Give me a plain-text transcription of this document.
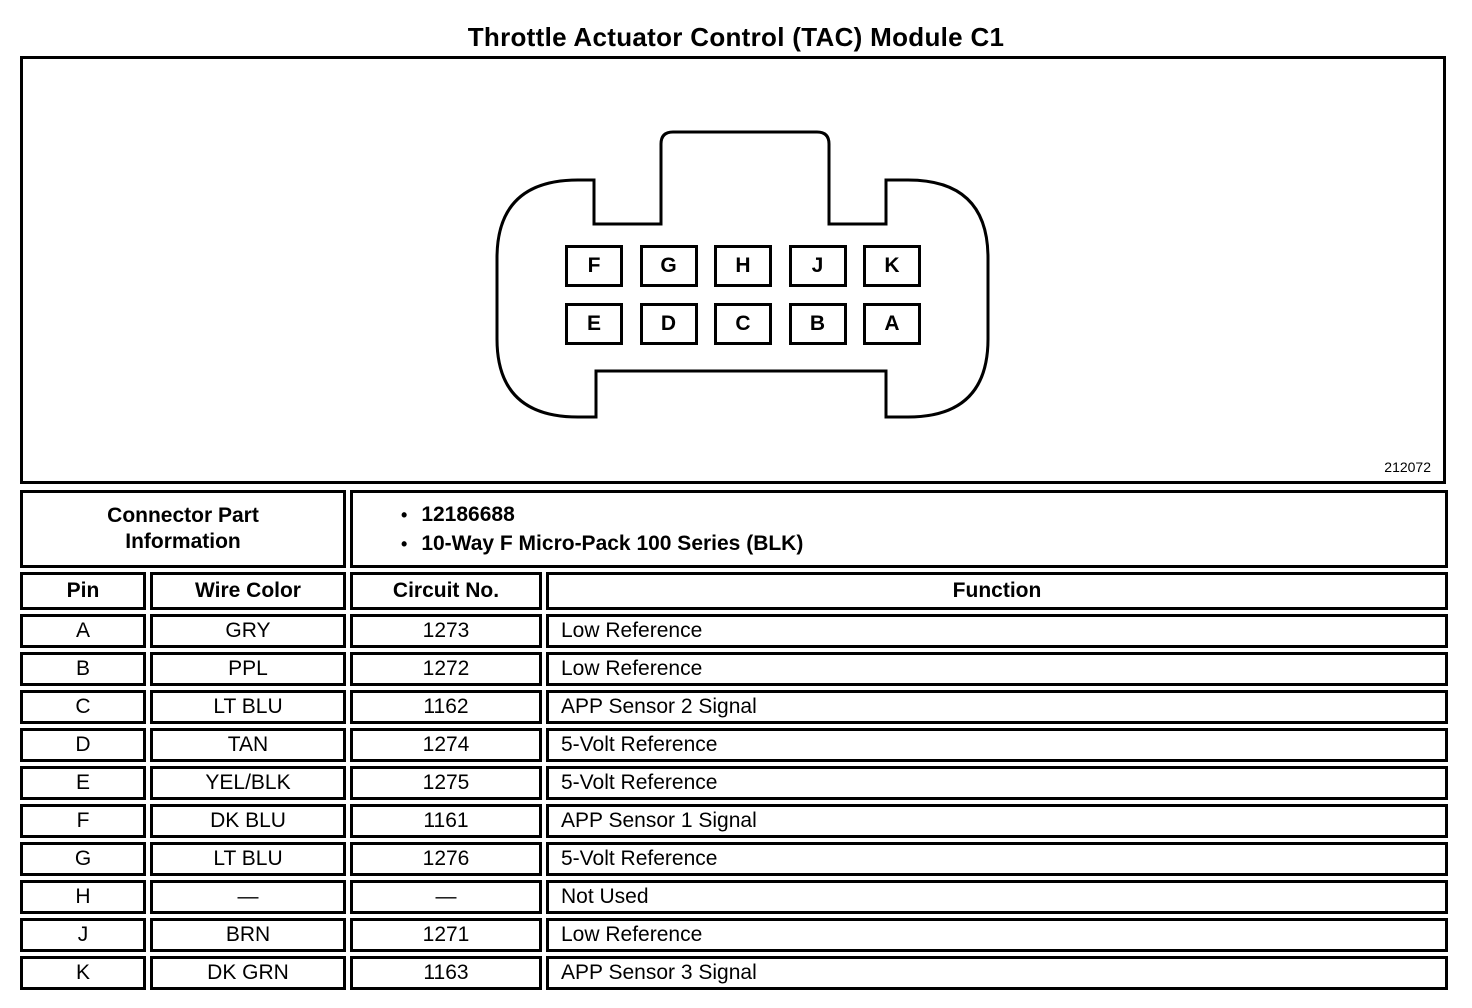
Throttle Actuator Control (TAC) Module C1
F	G	H	J	K
E	D	C	B	A
212072
Connector Part Information
• 12186688
• 10-Way F Micro-Pack 100 Series (BLK)
Pin	Wire Color	Circuit No.	Function
A	GRY	1273	Low Reference
B	PPL	1272	Low Reference
C	LT BLU	1162	APP Sensor 2 Signal
D	TAN	1274	5-Volt Reference
E	YEL/BLK	1275	5-Volt Reference
F	DK BLU	1161	APP Sensor 1 Signal
G	LT BLU	1276	5-Volt Reference
H	—	—	Not Used
J	BRN	1271	Low Reference
K	DK GRN	1163	APP Sensor 3 Signal
